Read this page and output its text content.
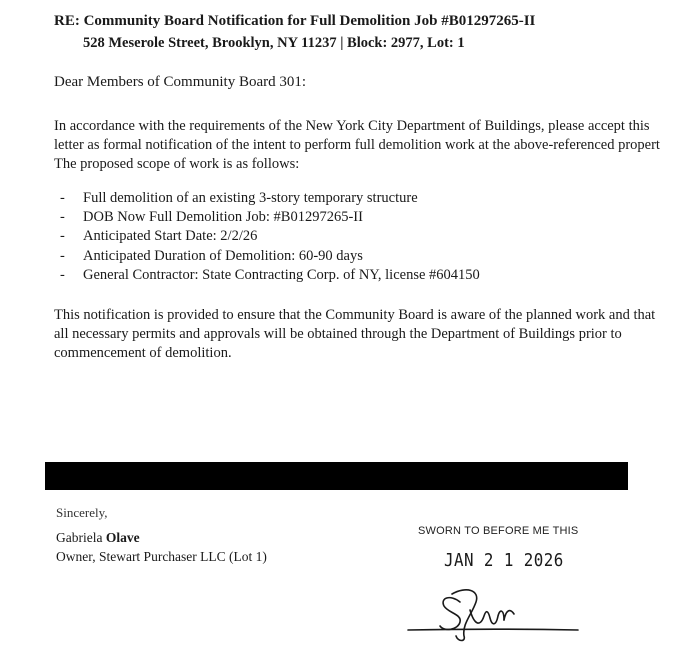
RE: Community Board Notification for Full Demolition Job #B01297265-II
528 Meserole Street, Brooklyn, NY 11237 | Block: 2977, Lot: 1
Dear Members of Community Board 301:
In accordance with the requirements of the New York City Department of Buildings, please accept this
letter as formal notification of the intent to perform full demolition work at the above-referenced propert
The proposed scope of work is as follows:
- Full demolition of an existing 3-story temporary structure
- DOB Now Full Demolition Job: #B01297265-II
- Anticipated Start Date: 2/2/26
- Anticipated Duration of Demolition: 60-90 days
- General Contractor: State Contracting Corp. of NY, license #604150
This notification is provided to ensure that the Community Board is aware of the planned work and that
all necessary permits and approvals will be obtained through the Department of Buildings prior to
commencement of demolition.
Sincerely,
Gabriela Olave
Owner, Stewart Purchaser LLC (Lot 1)
SWORN TO BEFORE ME THIS
JAN 2 1 2026
